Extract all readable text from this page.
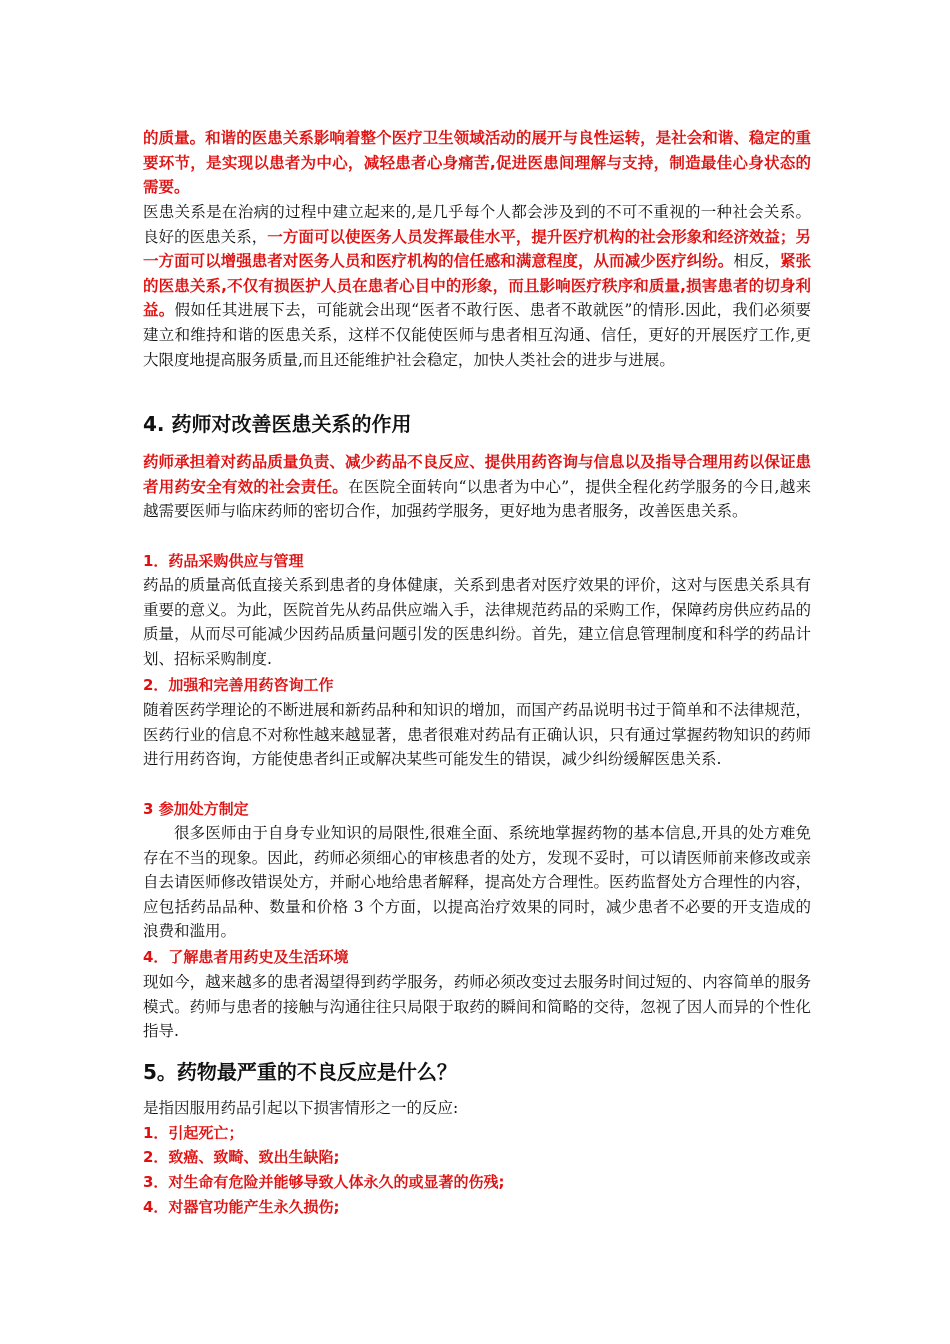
的质量。和谐的医患关系影响着整个医疗卫生领域活动的展开与良性运转，是社会和谐、稳定的重要环节，是实现以患者为中心，减轻患者心身痛苦,促进医患间理解与支持，制造最佳心身状态的需要。

医患关系是在治病的过程中建立起来的,是几乎每个人都会涉及到的不可不重视的一种社会关系。良好的医患关系，一方面可以使医务人员发挥最佳水平，提升医疗机构的社会形象和经济效益；另一方面可以增强患者对医务人员和医疗机构的信任感和满意程度，从而减少医疗纠纷。相反，紧张的医患关系,不仅有损医护人员在患者心目中的形象，而且影响医疗秩序和质量,损害患者的切身利益。假如任其进展下去，可能就会出现“医者不敢行医、患者不敢就医”的情形.因此，我们必须要建立和维持和谐的医患关系，这样不仅能使医师与患者相互沟通、信任，更好的开展医疗工作,更大限度地提高服务质量,而且还能维护社会稳定，加快人类社会的进步与进展。

4. 药师对改善医患关系的作用

药师承担着对药品质量负责、减少药品不良反应、提供用药咨询与信息以及指导合理用药以保证患者用药安全有效的社会责任。在医院全面转向“以患者为中心”，提供全程化药学服务的今日,越来越需要医师与临床药师的密切合作，加强药学服务，更好地为患者服务，改善医患关系。

1．药品采购供应与管理

药品的质量高低直接关系到患者的身体健康，关系到患者对医疗效果的评价，这对与医患关系具有重要的意义。为此，医院首先从药品供应端入手，法律规范药品的采购工作，保障药房供应药品的质量，从而尽可能减少因药品质量问题引发的医患纠纷。首先，建立信息管理制度和科学的药品计划、招标采购制度.

2．加强和完善用药咨询工作

随着医药学理论的不断进展和新药品种和知识的增加，而国产药品说明书过于简单和不法律规范，医药行业的信息不对称性越来越显著，患者很难对药品有正确认识，只有通过掌握药物知识的药师进行用药咨询，方能使患者纠正或解决某些可能发生的错误，减少纠纷缓解医患关系.

3 参加处方制定

很多医师由于自身专业知识的局限性,很难全面、系统地掌握药物的基本信息,开具的处方难免存在不当的现象。因此，药师必须细心的审核患者的处方，发现不妥时，可以请医师前来修改或亲自去请医师修改错误处方，并耐心地给患者解释，提高处方合理性。医药监督处方合理性的内容，应包括药品品种、数量和价格 3 个方面，以提高治疗效果的同时，减少患者不必要的开支造成的浪费和滥用。

4．了解患者用药史及生活环境

现如今，越来越多的患者渴望得到药学服务，药师必须改变过去服务时间过短的、内容简单的服务模式。药师与患者的接触与沟通往往只局限于取药的瞬间和简略的交待，忽视了因人而异的个性化指导.

5。药物最严重的不良反应是什么？

是指因服用药品引起以下损害情形之一的反应:

1．引起死亡；
2．致癌、致畸、致出生缺陷;
3．对生命有危险并能够导致人体永久的或显著的伤残;
4．对器官功能产生永久损伤;
